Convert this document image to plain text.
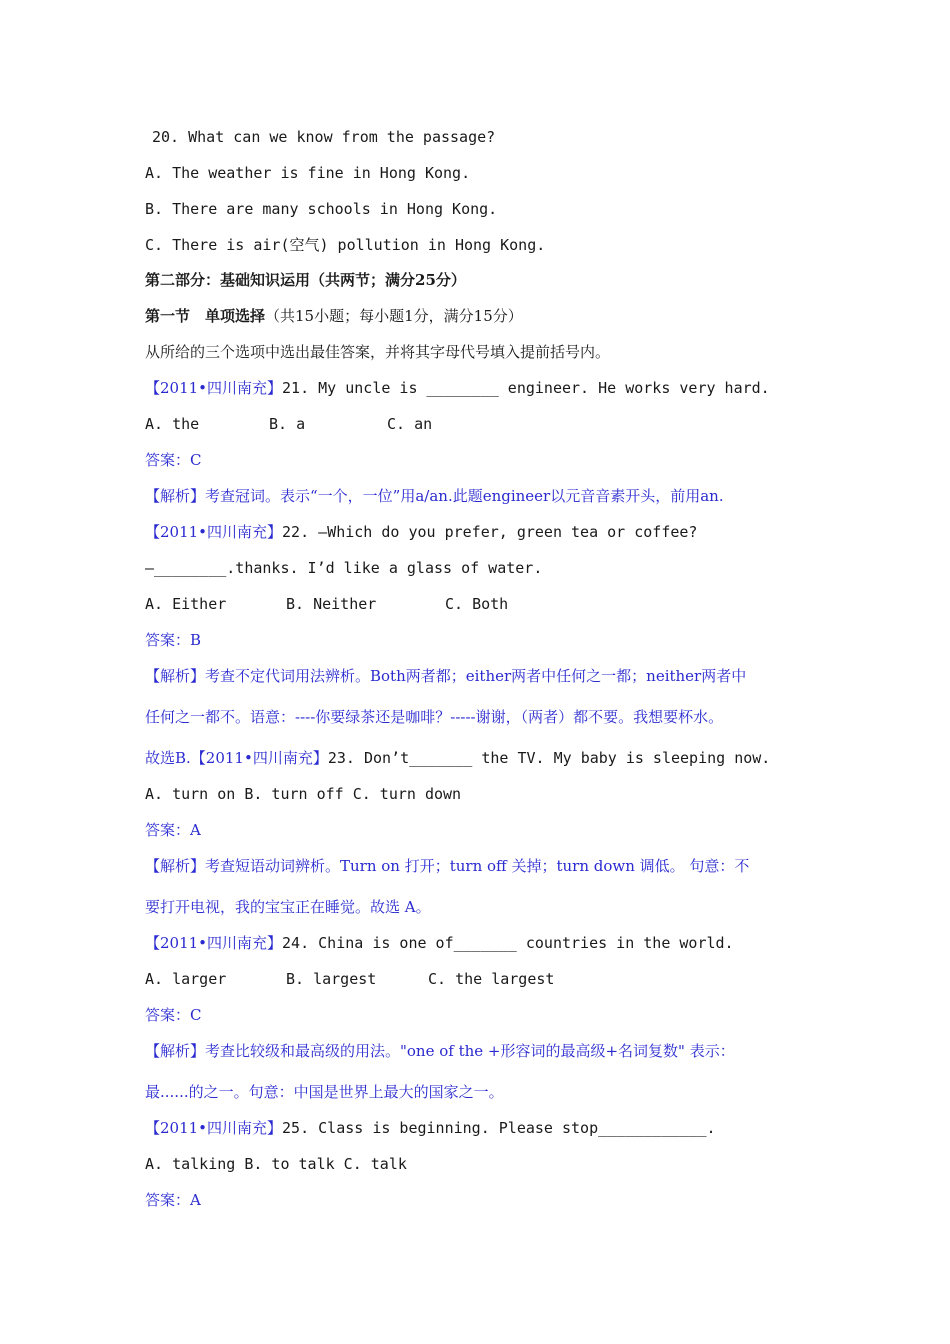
20. What can we know from the passage?
A. The weather is fine in Hong Kong.
B. There are many schools in Hong Kong.
C. There is air(空气) pollution in Hong Kong.
第二部分：基础知识运用（共两节；满分25分）
第一节　单项选择（共15小题；每小题1分，满分15分）
从所给的三个选项中选出最佳答案，并将其字母代号填入提前括号内。
【2011•四川南充】21. My uncle is ________ engineer. He works very hard.
A. the	B. a	C. an
答案：C
【解析】考查冠词。表示“一个，一位”用a/an.此题engineer以元音音素开头，前用an.
【2011•四川南充】22. —Which do you prefer, green tea or coffee?
—________.thanks. I’d like a glass of water.
A. Either	B. Neither	C. Both
答案：B
【解析】考查不定代词用法辨析。Both两者都；either两者中任何之一都；neither两者中
任何之一都不。语意：----你要绿茶还是咖啡？-----谢谢，（两者）都不要。我想要杯水。
故选B.【2011•四川南充】23. Don’t_______ the TV. My baby is sleeping now.
A. turn on B. turn off C. turn down
答案：A
【解析】考查短语动词辨析。Turn on 打开；turn off 关掉；turn down 调低。 句意：不
要打开电视，我的宝宝正在睡觉。故选 A。
【2011•四川南充】24. China is one of_______ countries in the world.
A. larger	B. largest	C. the largest
答案：C
【解析】考查比较级和最高级的用法。"one of the +形容词的最高级+名词复数" 表示：
最......的之一。句意：中国是世界上最大的国家之一。
【2011•四川南充】25. Class is beginning. Please stop____________.
A. talking B. to talk C. talk
答案：A
